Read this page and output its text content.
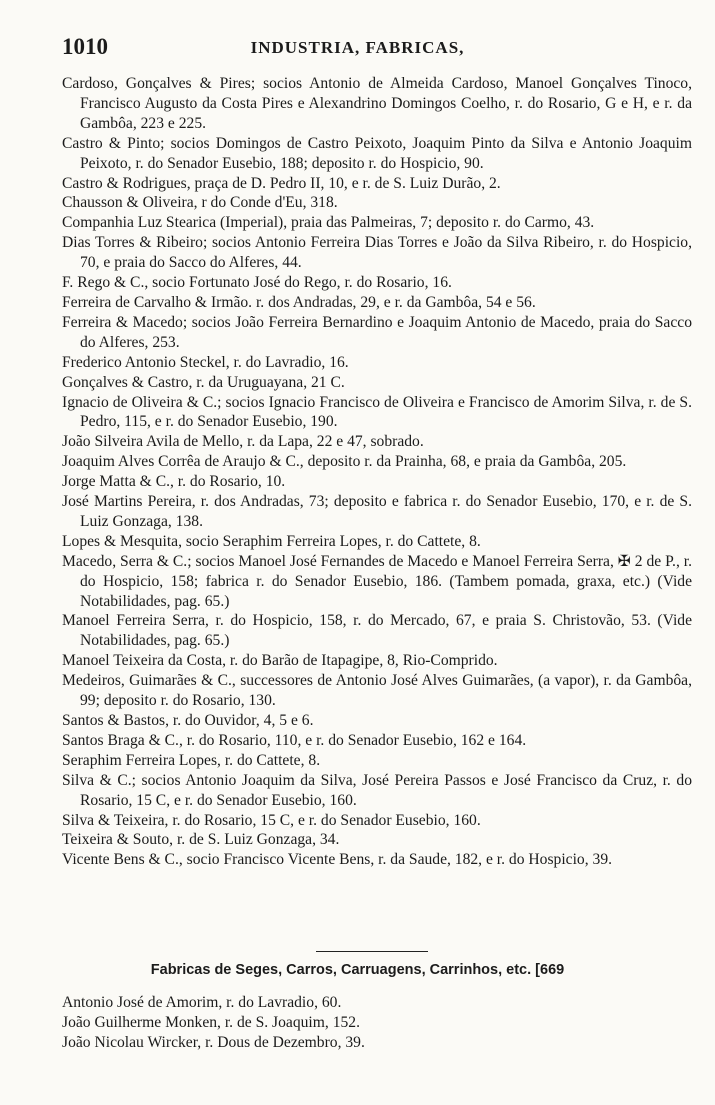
1010	INDUSTRIA, FABRICAS,

Cardoso, Gonçalves & Pires; socios Antonio de Almeida Cardoso, Manoel Gonçalves Tinoco, Francisco Augusto da Costa Pires e Alexandrino Domingos Coelho, r. do Rosario, G e H, e r. da Gambôa, 223 e 225.

Castro & Pinto; socios Domingos de Castro Peixoto, Joaquim Pinto da Silva e Antonio Joaquim Peixoto, r. do Senador Eusebio, 188; deposito r. do Hospicio, 90.

Castro & Rodrigues, praça de D. Pedro II, 10, e r. de S. Luiz Durão, 2.

Chausson & Oliveira, r do Conde d'Eu, 318.

Companhia Luz Stearica (Imperial), praia das Palmeiras, 7; deposito r. do Carmo, 43.

Dias Torres & Ribeiro; socios Antonio Ferreira Dias Torres e João da Silva Ribeiro, r. do Hospicio, 70, e praia do Sacco do Alferes, 44.

F. Rego & C., socio Fortunato José do Rego, r. do Rosario, 16.

Ferreira de Carvalho & Irmão. r. dos Andradas, 29, e r. da Gambôa, 54 e 56.

Ferreira & Macedo; socios João Ferreira Bernardino e Joaquim Antonio de Macedo, praia do Sacco do Alferes, 253.

Frederico Antonio Steckel, r. do Lavradio, 16.

Gonçalves & Castro, r. da Uruguayana, 21 C.

Ignacio de Oliveira & C.; socios Ignacio Francisco de Oliveira e Francisco de Amorim Silva, r. de S. Pedro, 115, e r. do Senador Eusebio, 190.

João Silveira Avila de Mello, r. da Lapa, 22 e 47, sobrado.

Joaquim Alves Corrêa de Araujo & C., deposito r. da Prainha, 68, e praia da Gambôa, 205.

Jorge Matta & C., r. do Rosario, 10.

José Martins Pereira, r. dos Andradas, 73; deposito e fabrica r. do Senador Eusebio, 170, e r. de S. Luiz Gonzaga, 138.

Lopes & Mesquita, socio Seraphim Ferreira Lopes, r. do Cattete, 8.

Macedo, Serra & C.; socios Manoel José Fernandes de Macedo e Manoel Ferreira Serra, ✠ 2 de P., r. do Hospicio, 158; fabrica r. do Senador Eusebio, 186. (Tambem pomada, graxa, etc.) (Vide Notabilidades, pag. 65.)

Manoel Ferreira Serra, r. do Hospicio, 158, r. do Mercado, 67, e praia S. Christovão, 53. (Vide Notabilidades, pag. 65.)

Manoel Teixeira da Costa, r. do Barão de Itapagipe, 8, Rio-Comprido.

Medeiros, Guimarães & C., successores de Antonio José Alves Guimarães, (a vapor), r. da Gambôa, 99; deposito r. do Rosario, 130.

Santos & Bastos, r. do Ouvidor, 4, 5 e 6.

Santos Braga & C., r. do Rosario, 110, e r. do Senador Eusebio, 162 e 164.

Seraphim Ferreira Lopes, r. do Cattete, 8.

Silva & C.; socios Antonio Joaquim da Silva, José Pereira Passos e José Francisco da Cruz, r. do Rosario, 15 C, e r. do Senador Eusebio, 160.

Silva & Teixeira, r. do Rosario, 15 C, e r. do Senador Eusebio, 160.

Teixeira & Souto, r. de S. Luiz Gonzaga, 34.

Vicente Bens & C., socio Francisco Vicente Bens, r. da Saude, 182, e r. do Hospicio, 39.

Fabricas de Seges, Carros, Carruagens, Carrinhos, etc. [669

Antonio José de Amorim, r. do Lavradio, 60.

João Guilherme Monken, r. de S. Joaquim, 152.

João Nicolau Wircker, r. Dous de Dezembro, 39.
